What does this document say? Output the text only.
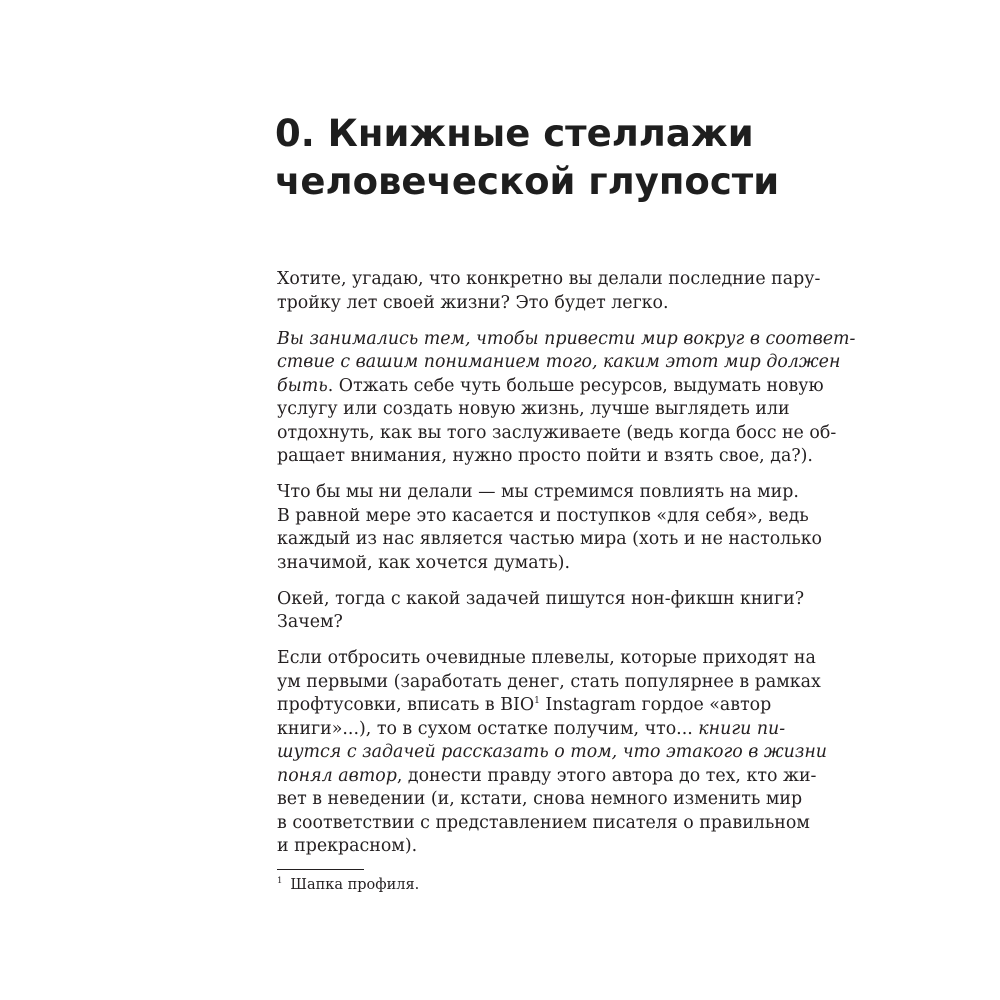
0. Книжные стеллажи
человеческой глупости
Хотите, угадаю, что конкретно вы делали последние пару-
тройку лет своей жизни? Это будет легко.
Вы занимались тем, чтобы привести мир вокруг в соответ-
ствие с вашим пониманием того, каким этот мир должен
быть. Отжать себе чуть больше ресурсов, выдумать новую
услугу или создать новую жизнь, лучше выглядеть или
отдохнуть, как вы того заслуживаете (ведь когда босс не об-
ращает внимания, нужно просто пойти и взять свое, да?).
Что бы мы ни делали — мы стремимся повлиять на мир.
В равной мере это касается и поступков «для себя», ведь
каждый из нас является частью мира (хоть и не настолько
значимой, как хочется думать).
Окей, тогда с какой задачей пишутся нон-фикшн книги?
Зачем?
Если отбросить очевидные плевелы, которые приходят на
ум первыми (заработать денег, стать популярнее в рамках
профтусовки, вписать в BIO$^1$ Instagram гордое «автор
книги»...), то в сухом остатке получим, что... книги пи-
шутся с задачей рассказать о том, что этакого в жизни
понял автор, донести правду этого автора до тех, кто жи-
вет в неведении (и, кстати, снова немного изменить мир
в соответствии с представлением писателя о правильном
и прекрасном).
$^1$ Шапка профиля.
